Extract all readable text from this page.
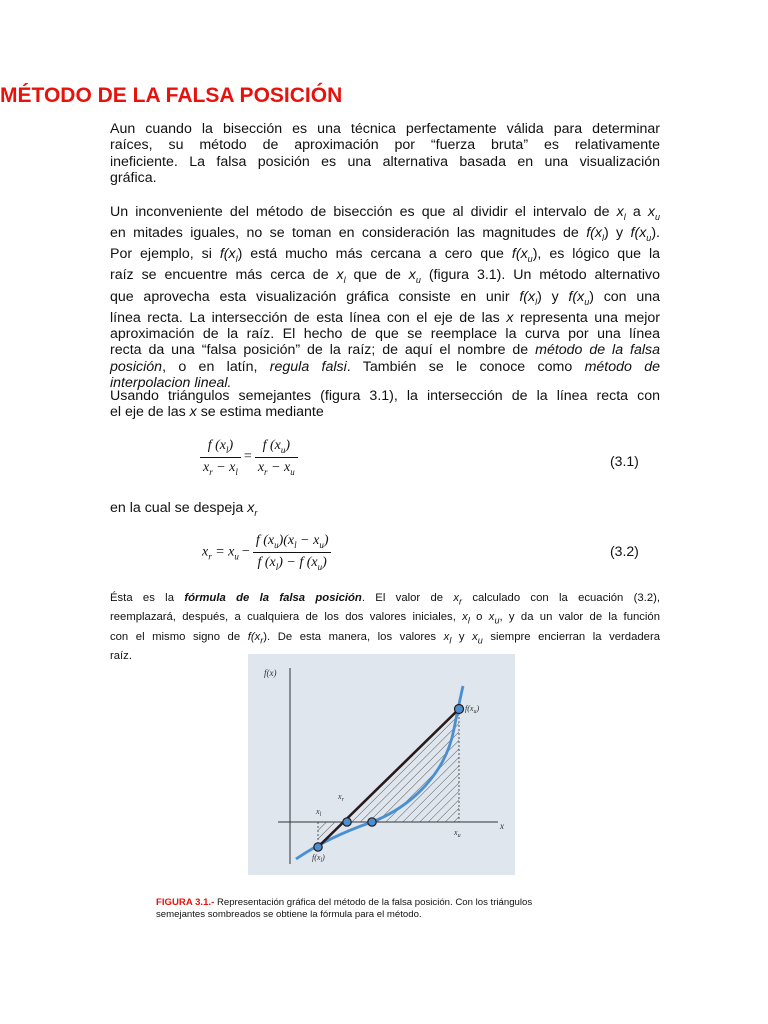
MÉTODO DE LA FALSA POSICIÓN

Aun cuando la bisección es una técnica perfectamente válida para determinar
raíces, su método de aproximación por “fuerza bruta” es relativamente
ineficiente. La falsa posición es una alternativa basada en una visualización
gráfica.

Un inconveniente del método de bisección es que al dividir el intervalo de $x_l$ a $x_u$
en mitades iguales, no se toman en consideración las magnitudes de $f(x_l)$ y $f(x_u)$.
Por ejemplo, si $f(x_l)$ está mucho más cercana a cero que $f(x_u)$, es lógico que la
raíz se encuentre más cerca de $x_l$ que de $x_u$ (figura 3.1). Un método alternativo
que aprovecha esta visualización gráfica consiste en unir $f(x_l)$ y $f(x_u)$ con una
línea recta. La intersección de esta línea con el eje de las x representa una mejor
aproximación de la raíz. El hecho de que se reemplace la curva por una línea
recta da una “falsa posición” de la raíz; de aquí el nombre de método de la falsa
posición, o en latín, regula falsi. También se le conoce como método de
interpolacion lineal.

Usando triángulos semejantes (figura 3.1), la intersección de la línea recta con
el eje de las x se estima mediante

$\frac{f (x_l)}{x_r - x_l} = \frac{f (x_u)}{x_r - x_u}$	(3.1)

en la cual se despeja $x_r$

$x_r = x_u - \frac{f (x_u)(x_l - x_u)}{f (x_l) - f (x_u)}$	(3.2)

Ésta es la fórmula de la falsa posición. El valor de $x_r$ calculado con la ecuación (3.2),
reemplazará, después, a cualquiera de los dos valores iniciales, $x_l$ o $x_u$, y da un valor de la función
con el mismo signo de $f(x_r)$. De esta manera, los valores $x_l$ y $x_u$ siempre encierran la verdadera
raíz.

f(x)
x
$f(x_u)$
$f(x_l)$
$x_l$
$x_r$
$x_u$
FIGURA 3.1.- Representación gráfica del método de la falsa posición. Con los triángulos
semejantes sombreados se obtiene la fórmula para el método.
